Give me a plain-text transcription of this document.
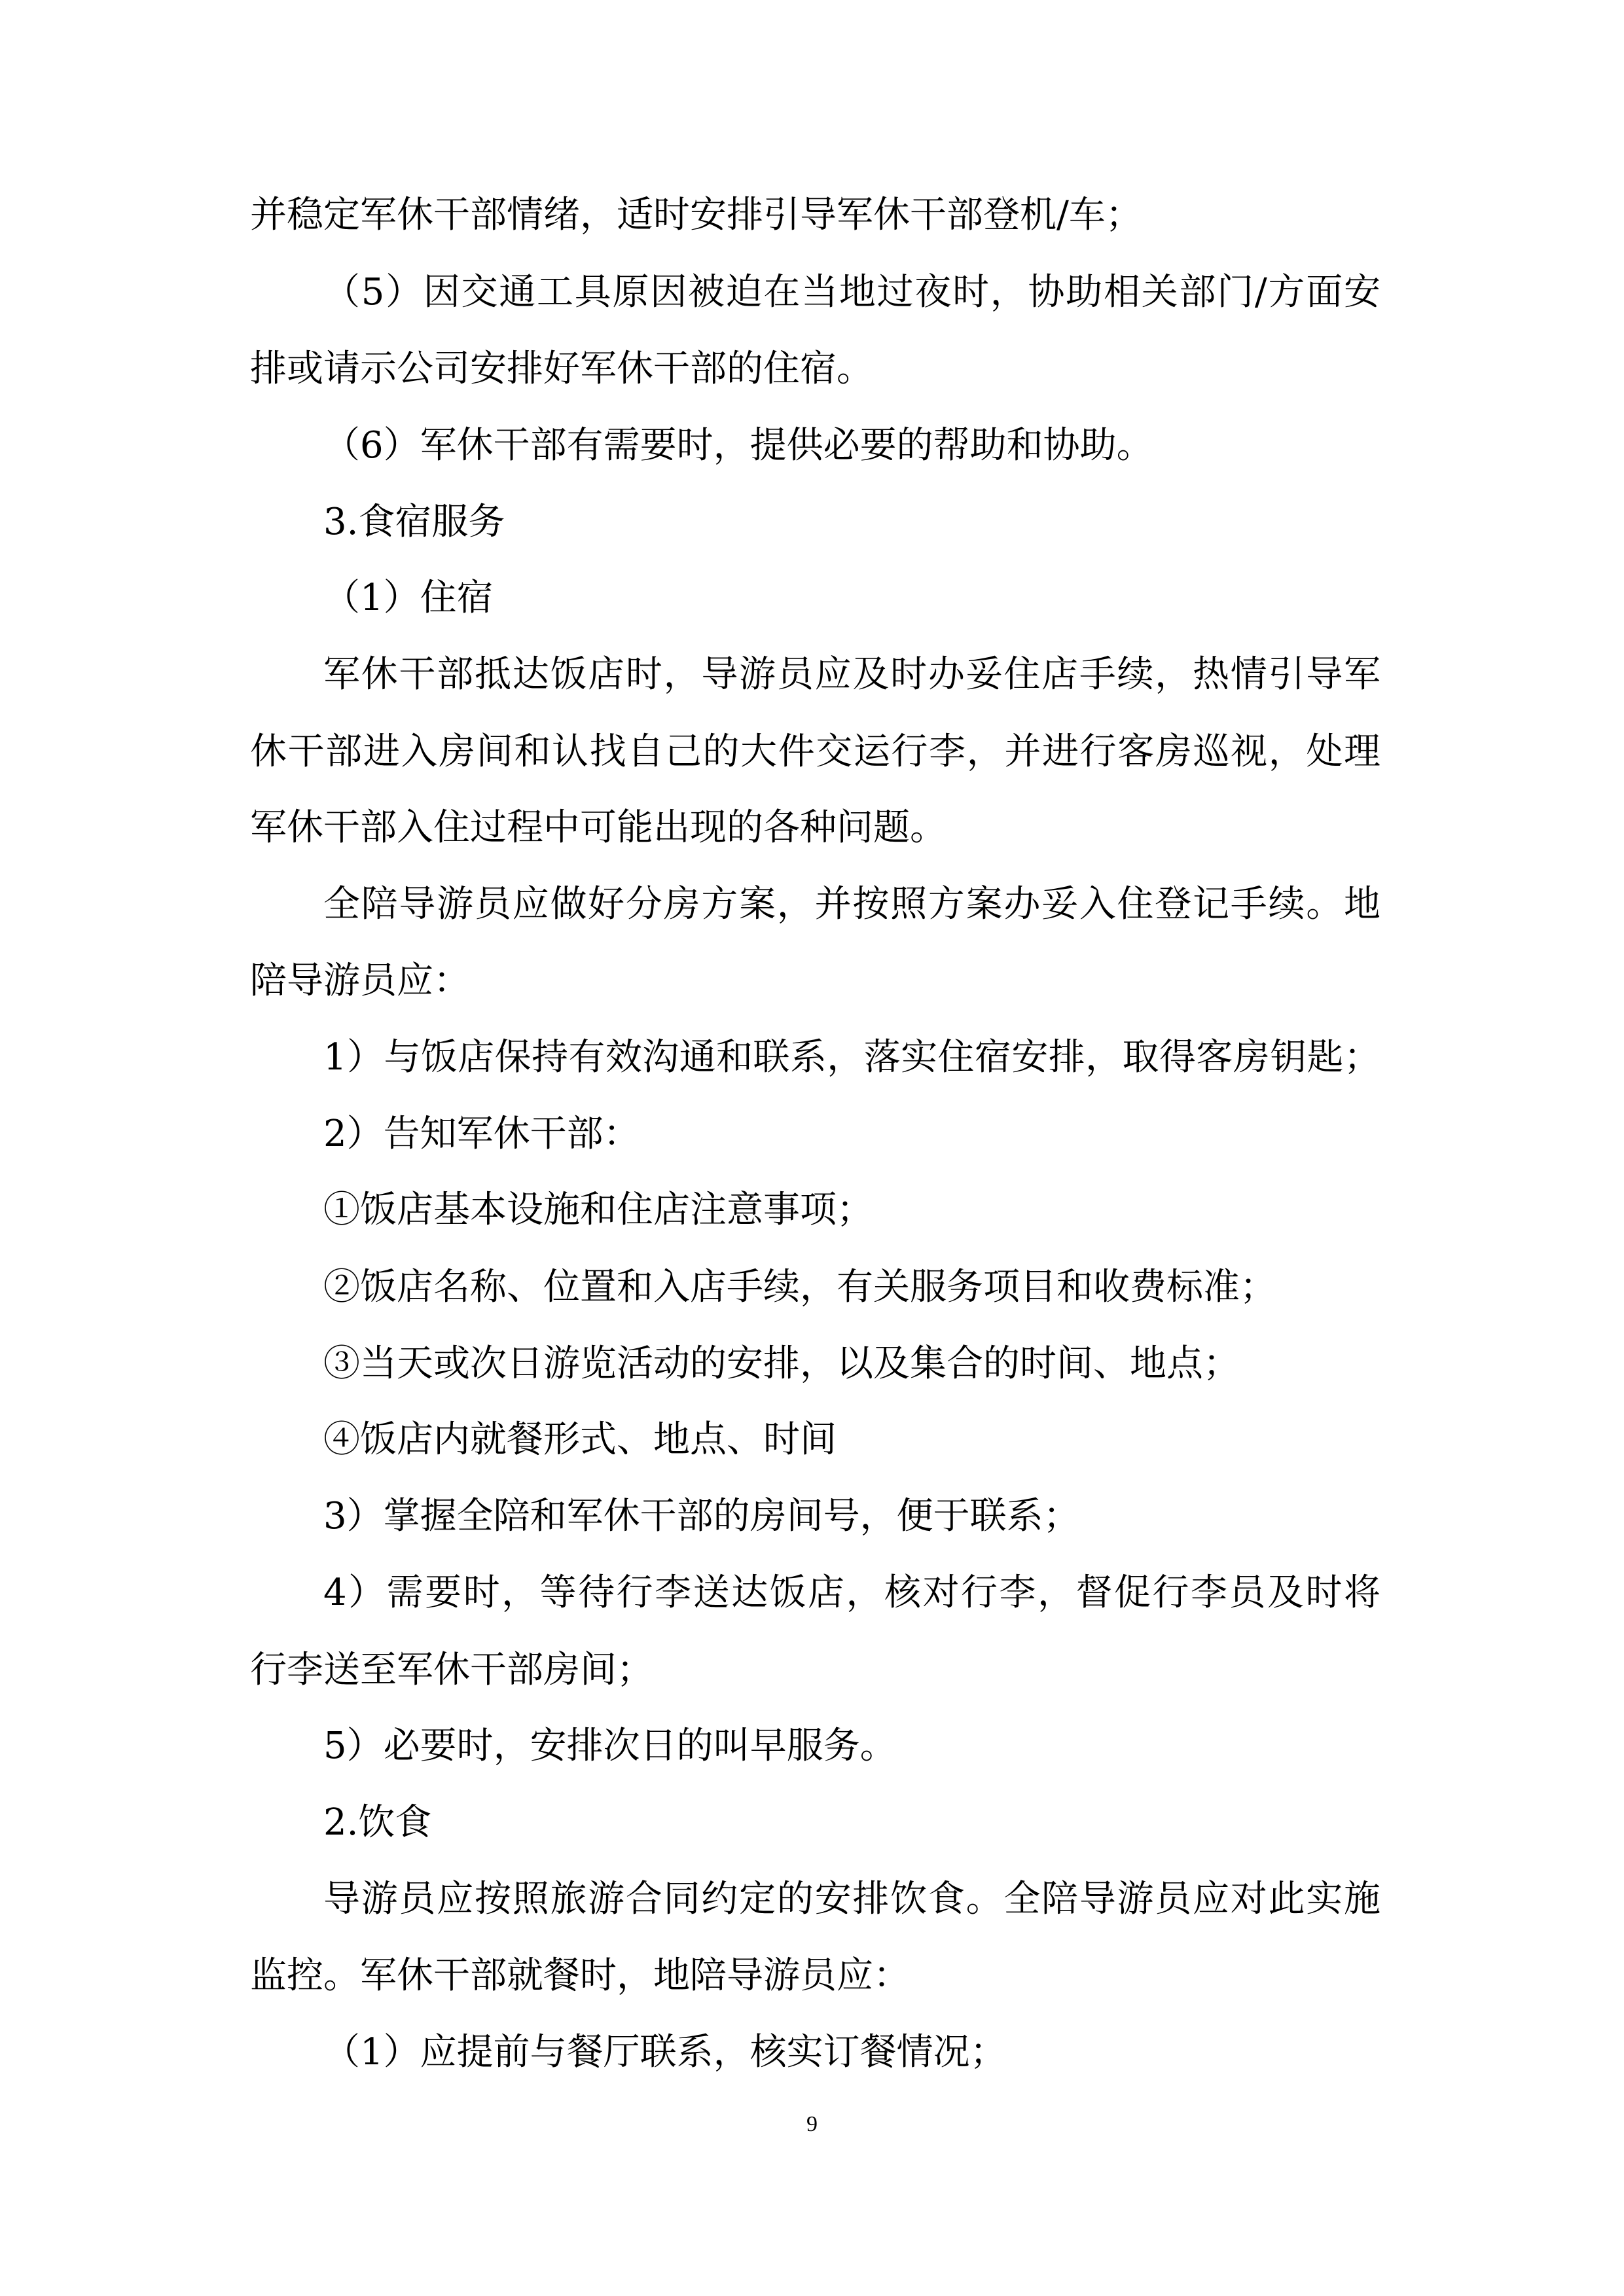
并稳定军休干部情绪，适时安排引导军休干部登机/车；
（5）因交通工具原因被迫在当地过夜时，协助相关部门/方面安
排或请示公司安排好军休干部的住宿。
（6）军休干部有需要时，提供必要的帮助和协助。
3.食宿服务
（1）住宿
军休干部抵达饭店时，导游员应及时办妥住店手续，热情引导军
休干部进入房间和认找自己的大件交运行李，并进行客房巡视，处理
军休干部入住过程中可能出现的各种问题。
全陪导游员应做好分房方案，并按照方案办妥入住登记手续。地
陪导游员应：
1）与饭店保持有效沟通和联系，落实住宿安排，取得客房钥匙；
2）告知军休干部：
①饭店基本设施和住店注意事项；
②饭店名称、位置和入店手续，有关服务项目和收费标准；
③当天或次日游览活动的安排，以及集合的时间、地点；
④饭店内就餐形式、地点、时间
3）掌握全陪和军休干部的房间号，便于联系；
4）需要时，等待行李送达饭店，核对行李，督促行李员及时将
行李送至军休干部房间；
5）必要时，安排次日的叫早服务。
2.饮食
导游员应按照旅游合同约定的安排饮食。全陪导游员应对此实施
监控。军休干部就餐时，地陪导游员应：
（1）应提前与餐厅联系，核实订餐情况；
9
